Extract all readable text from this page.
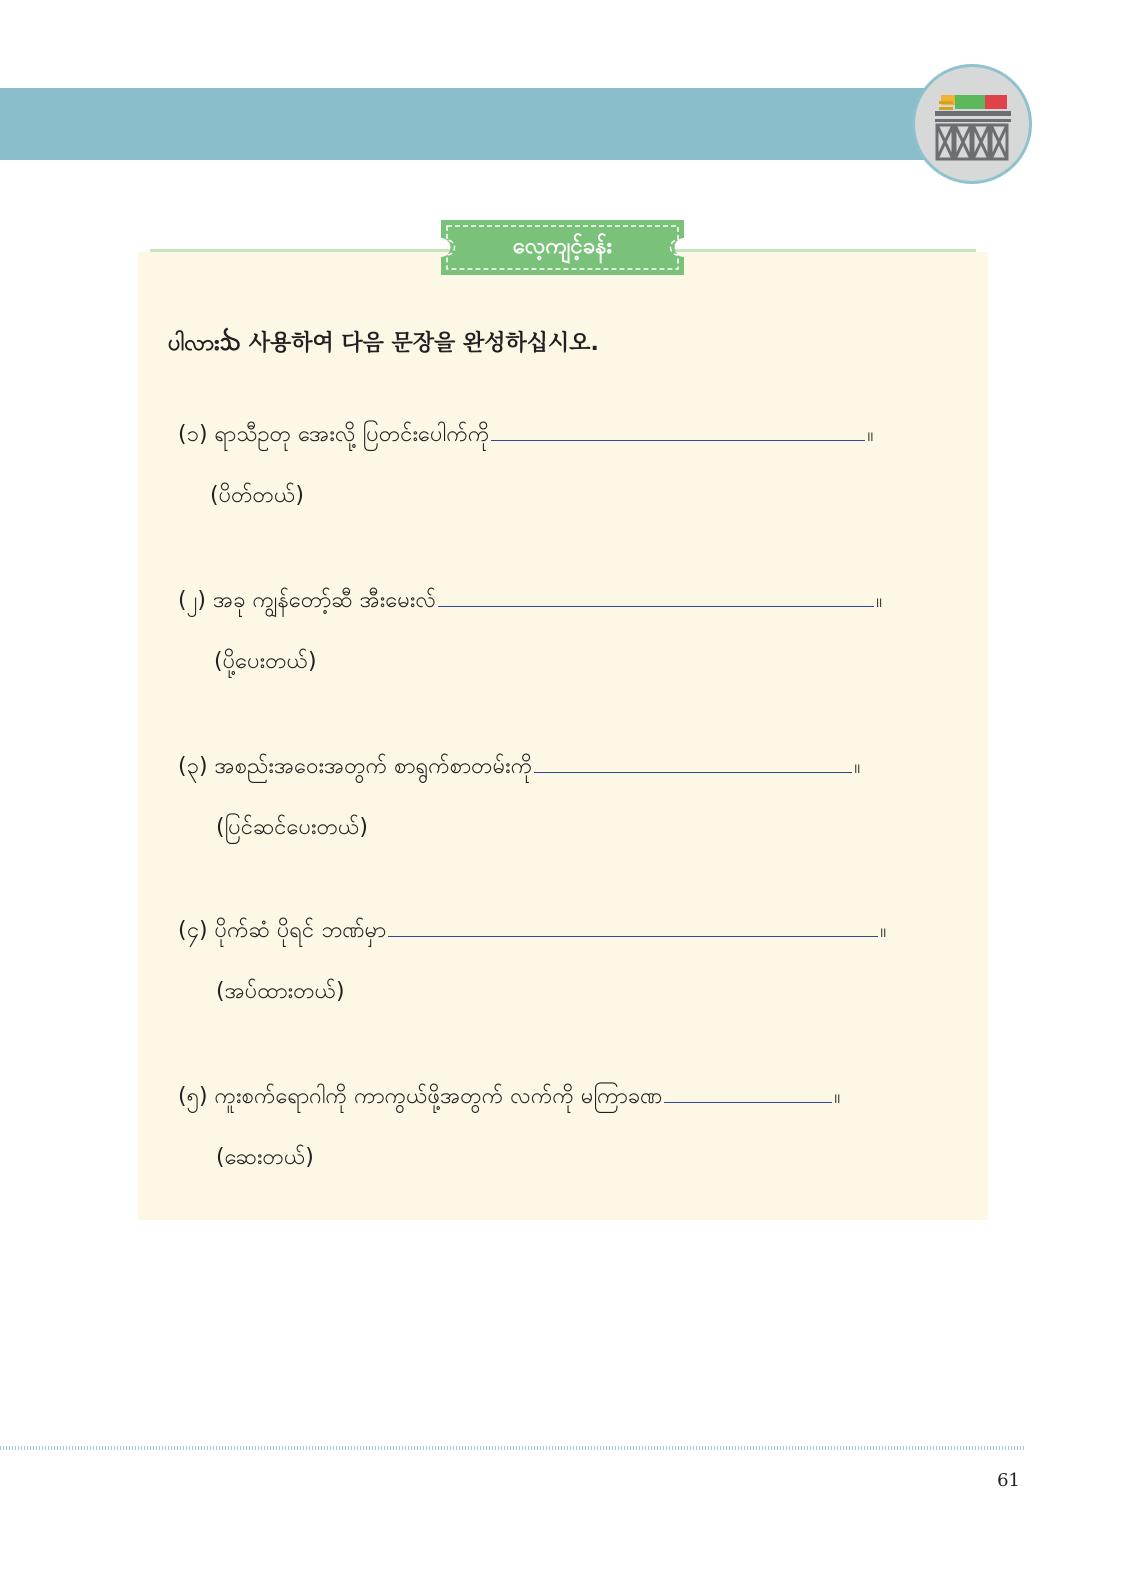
လေ့ကျင့်ခန်း
ပါလားᨨ 사용하여 다음 문장을 완성하십시오.
(၁) ရာသီဥတု အေးလို့ ပြတင်းပေါက်ကို	။
(ပိတ်တယ်)
(၂) အခု ကျွန်တော့်ဆီ အီးမေးလ်	။
(ပို့ပေးတယ်)
(၃) အစည်းအဝေးအတွက် စာရွက်စာတမ်းကို	။
(ပြင်ဆင်ပေးတယ်)
(၄) ပိုက်ဆံ ပိုရင် ဘဏ်မှာ	။
(အပ်ထားတယ်)
(၅) ကူးစက်ရောဂါကို ကာကွယ်ဖို့အတွက် လက်ကို မကြာခဏ	။
(ဆေးတယ်)
61
